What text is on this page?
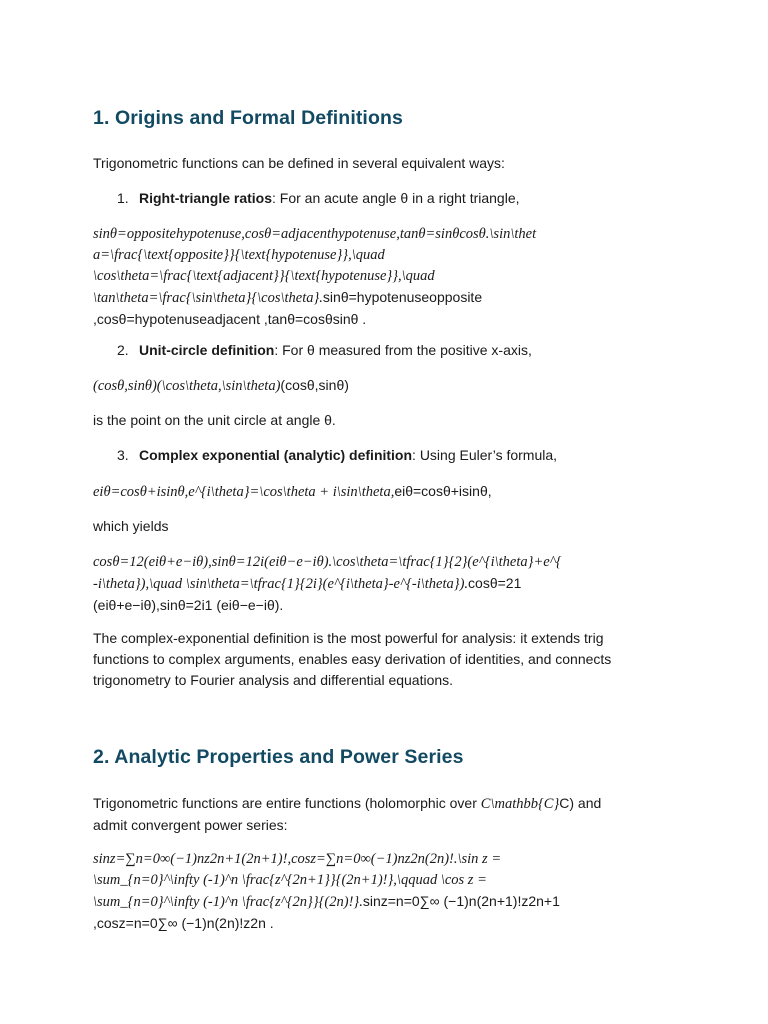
1. Origins and Formal Definitions

Trigonometric functions can be defined in several equivalent ways:

1. Right-triangle ratios: For an acute angle θ in a right triangle,

sin⁡θ=oppositehypotenuse,cos⁡θ=adjacenthypotenuse,tan⁡θ=sin⁡θcos⁡θ.\sin\thet
a=\frac{\text{opposite}}{\text{hypotenuse}},\quad
\cos\theta=\frac{\text{adjacent}}{\text{hypotenuse}},\quad
\tan\theta=\frac{\sin\theta}{\cos\theta}.sinθ=hypotenuseopposite
,cosθ=hypotenuseadjacent ,tanθ=cosθsinθ .

2. Unit-circle definition: For θ measured from the positive x-axis,

(cos⁡θ,sin⁡θ)(\cos\theta,\sin\theta)(cosθ,sinθ)

is the point on the unit circle at angle θ.

3. Complex exponential (analytic) definition: Using Euler’s formula,

eiθ=cos⁡θ+isin⁡θ,e^{i\theta}=\cos\theta + i\sin\theta,eiθ=cosθ+isinθ,

which yields

cos⁡θ=12(eiθ+e−iθ),sin⁡θ=12i(eiθ−e−iθ).\cos\theta=\tfrac{1}{2}(e^{i\theta}+e^{
-i\theta}),\quad \sin\theta=\tfrac{1}{2i}(e^{i\theta}-e^{-i\theta}).cosθ=21
(eiθ+e−iθ),sinθ=2i1 (eiθ−e−iθ).
The complex-exponential definition is the most powerful for analysis: it extends trig
functions to complex arguments, enables easy derivation of identities, and connects
trigonometry to Fourier analysis and differential equations.
2. Analytic Properties and Power Series
Trigonometric functions are entire functions (holomorphic over C\mathbb{C}C) and
admit convergent power series:
sin⁡z=∑n=0∞(−1)nz2n+1(2n+1)!,cos⁡z=∑n=0∞(−1)nz2n(2n)!.\sin z =
\sum_{n=0}^\infty (-1)^n \frac{z^{2n+1}}{(2n+1)!},\qquad \cos z =
\sum_{n=0}^\infty (-1)^n \frac{z^{2n}}{(2n)!}.sinz=n=0∑∞ (−1)n(2n+1)!z2n+1
,cosz=n=0∑∞ (−1)n(2n)!z2n .
